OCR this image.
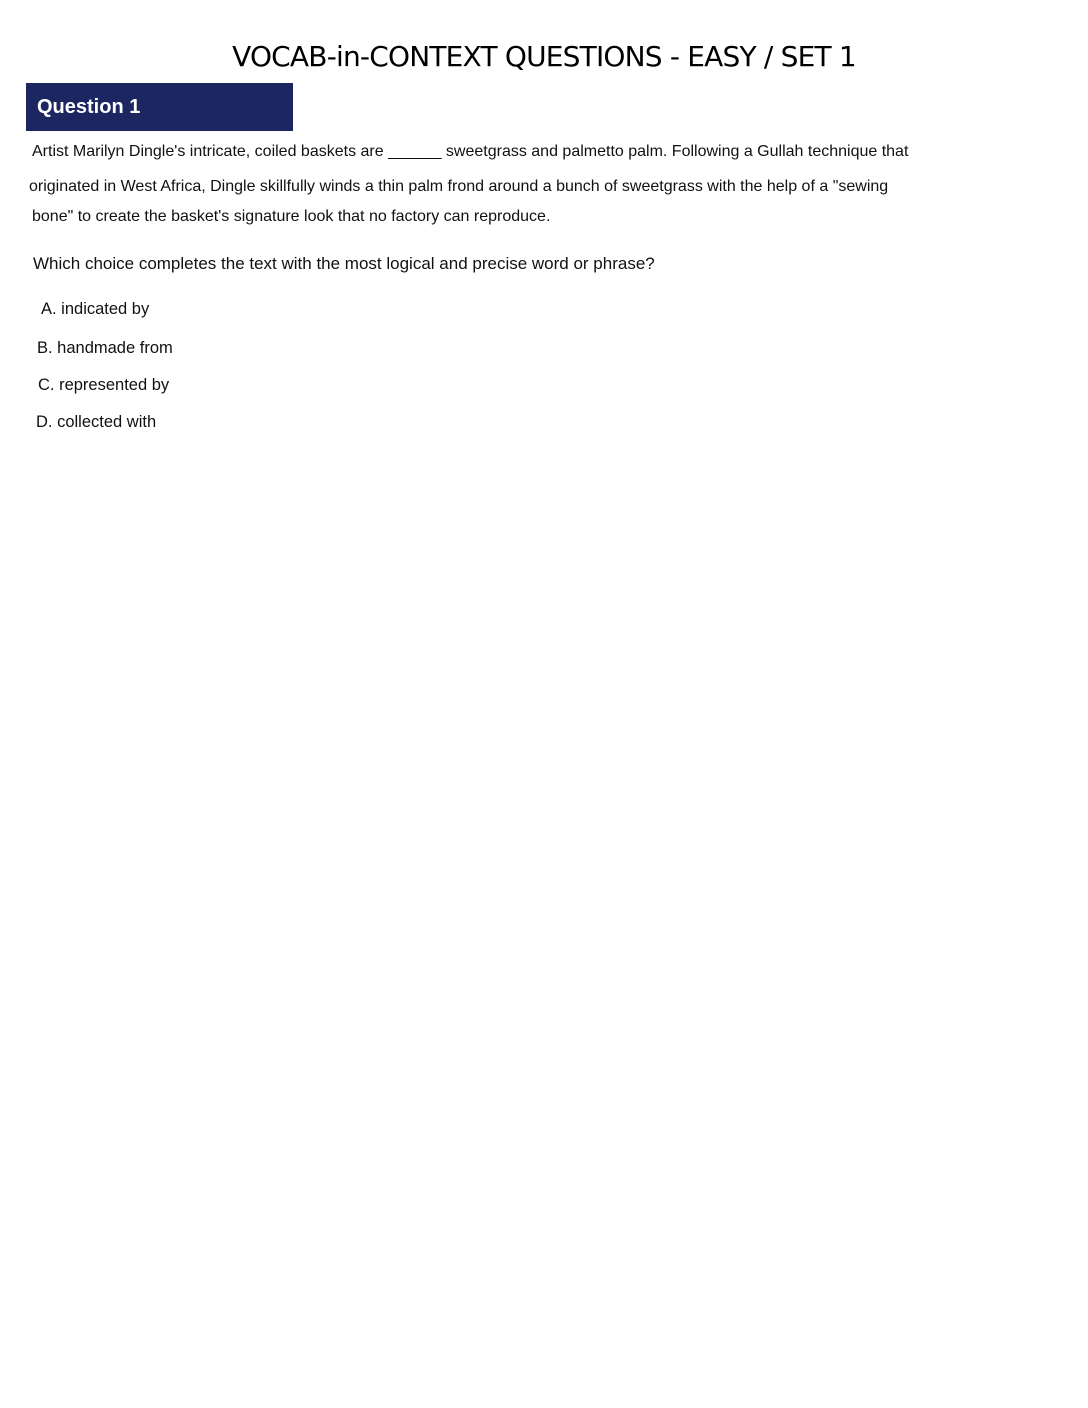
VOCAB-in-CONTEXT QUESTIONS - EASY / SET 1
Question 1
Artist Marilyn Dingle's intricate, coiled baskets are ______ sweetgrass and palmetto palm. Following a Gullah technique that
originated in West Africa, Dingle skillfully winds a thin palm frond around a bunch of sweetgrass with the help of a "sewing
bone" to create the basket's signature look that no factory can reproduce.
Which choice completes the text with the most logical and precise word or phrase?
A. indicated by
B. handmade from
C. represented by
D. collected with
